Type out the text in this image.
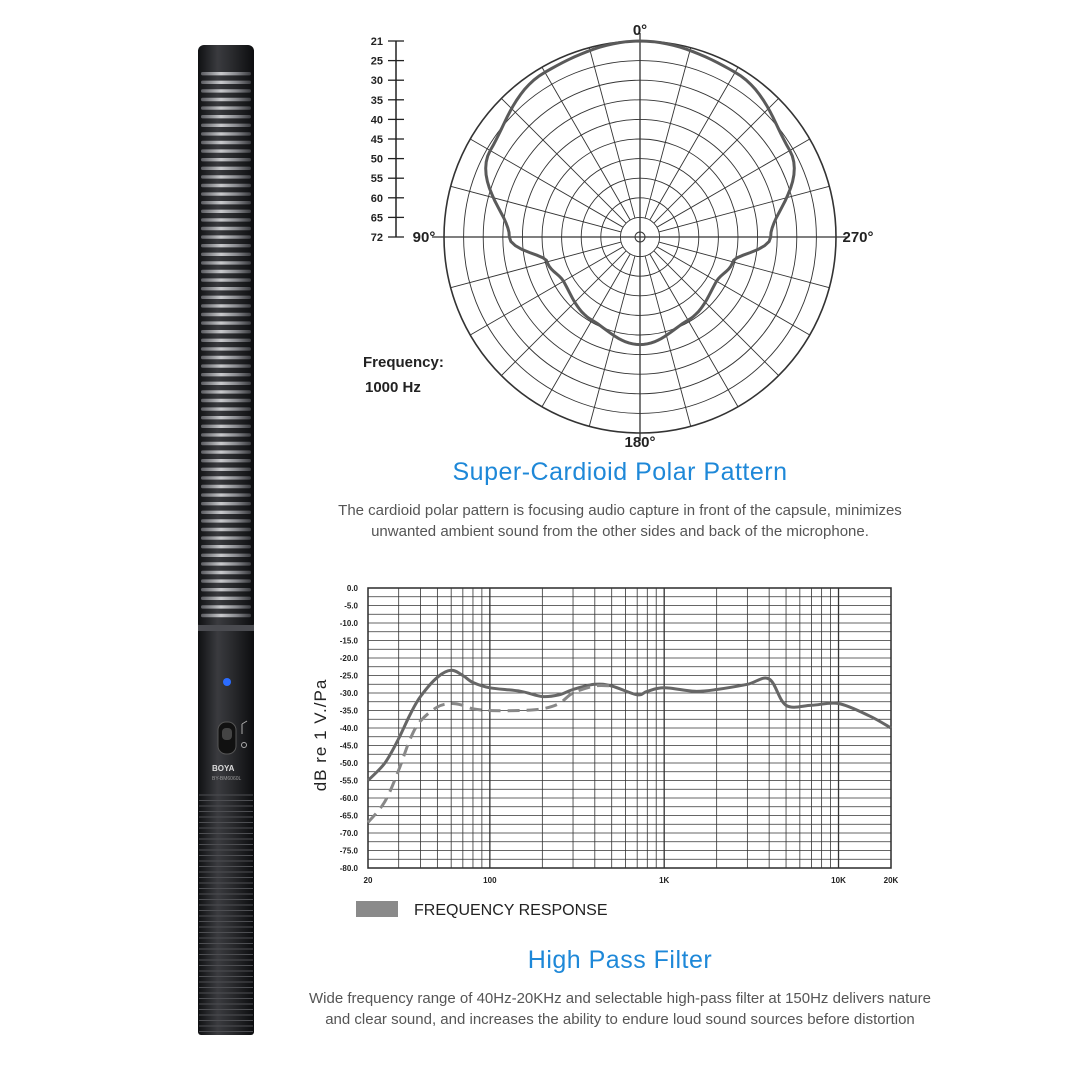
BOYA
BY-BM6060L
21
25
30
35
40
45
50
55
60
65
72
0°
90°
180°
270°
Frequency:
1000 Hz
Super-Cardioid Polar Pattern

The cardioid polar pattern is focusing audio capture in front of the capsule, minimizes
unwanted ambient sound from the other sides and back of the microphone.

0.0
-5.0
-10.0
-15.0
-20.0
-25.0
-30.0
-35.0
-40.0
-45.0
-50.0
-55.0
-60.0
-65.0
-70.0
-75.0
-80.0
20	100	1K	10K	20K
dB re 1 V./Pa
FREQUENCY RESPONSE
High Pass Filter

Wide frequency range of 40Hz-20KHz and selectable high-pass filter at 150Hz delivers nature
and clear sound, and increases the ability to endure loud sound sources before distortion
